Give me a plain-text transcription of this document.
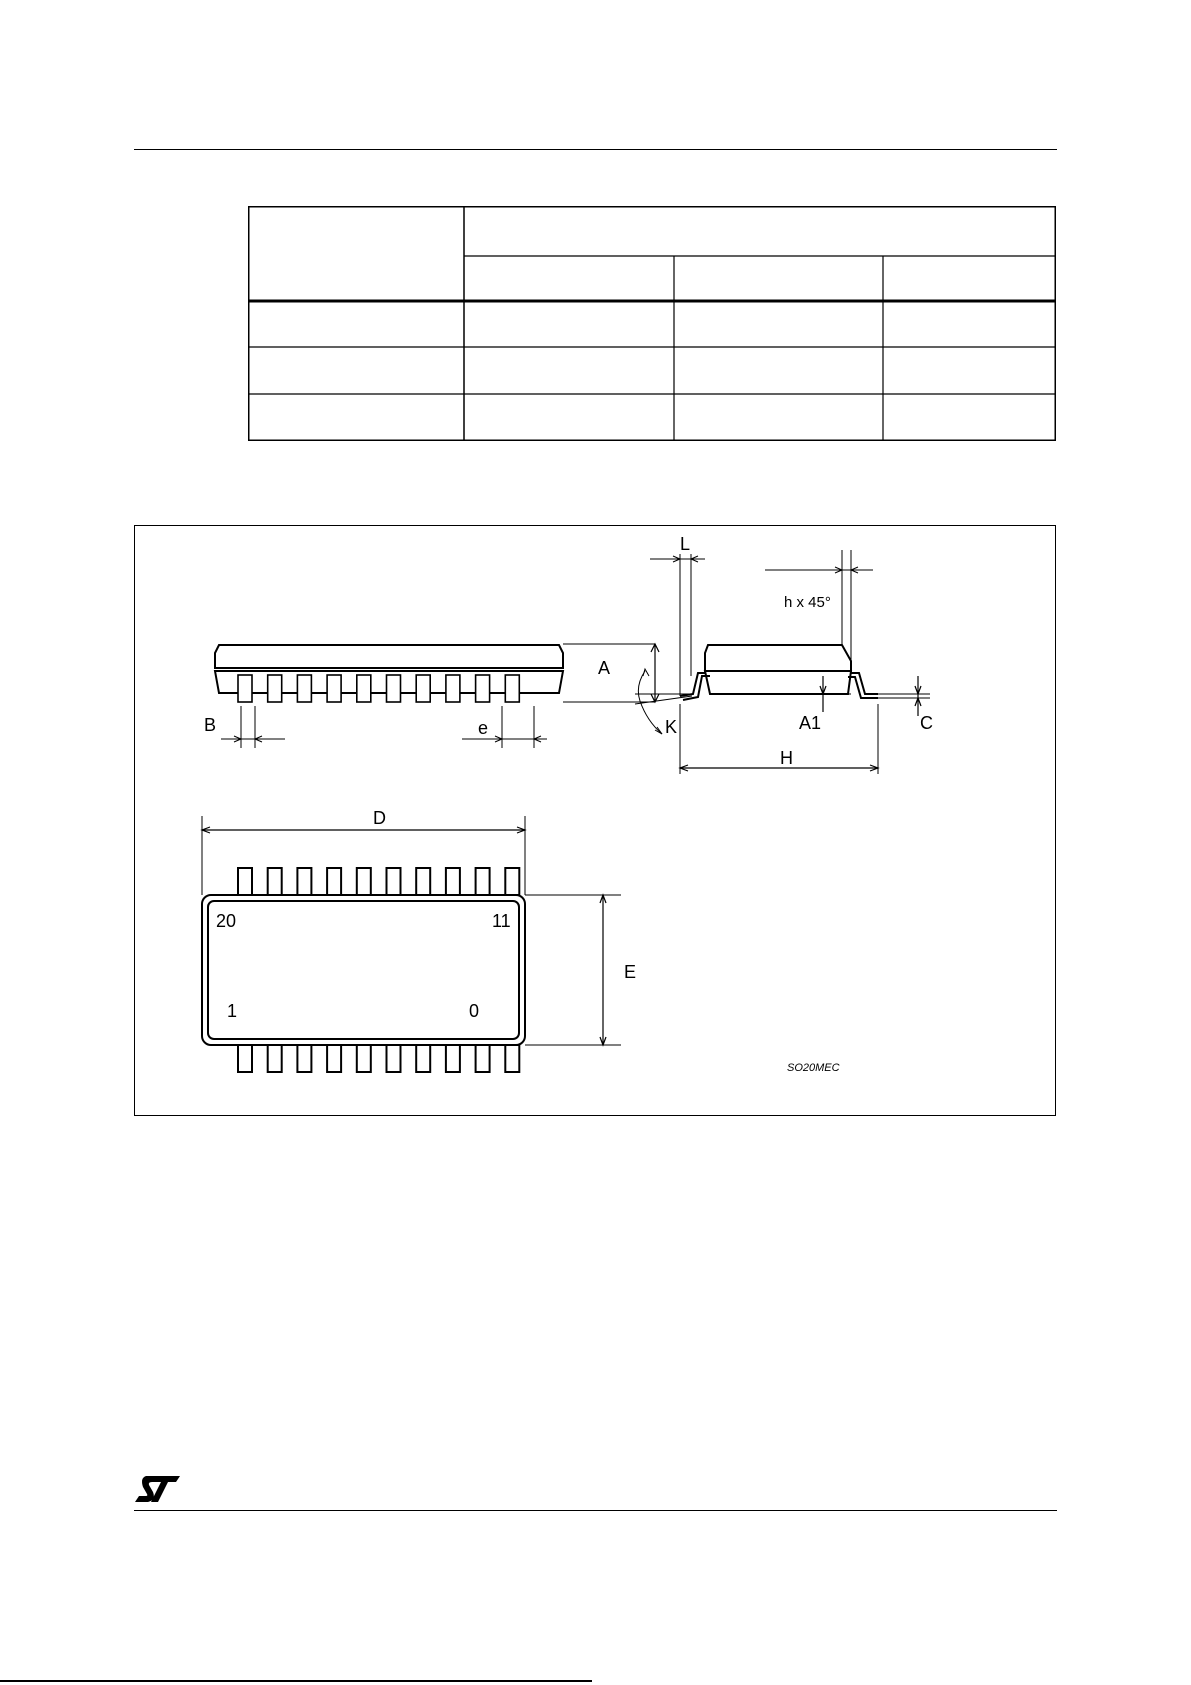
A
B	e
L
h x 45°
K	A1	C
H
D
E
20	11
1	0
SO20MEC
